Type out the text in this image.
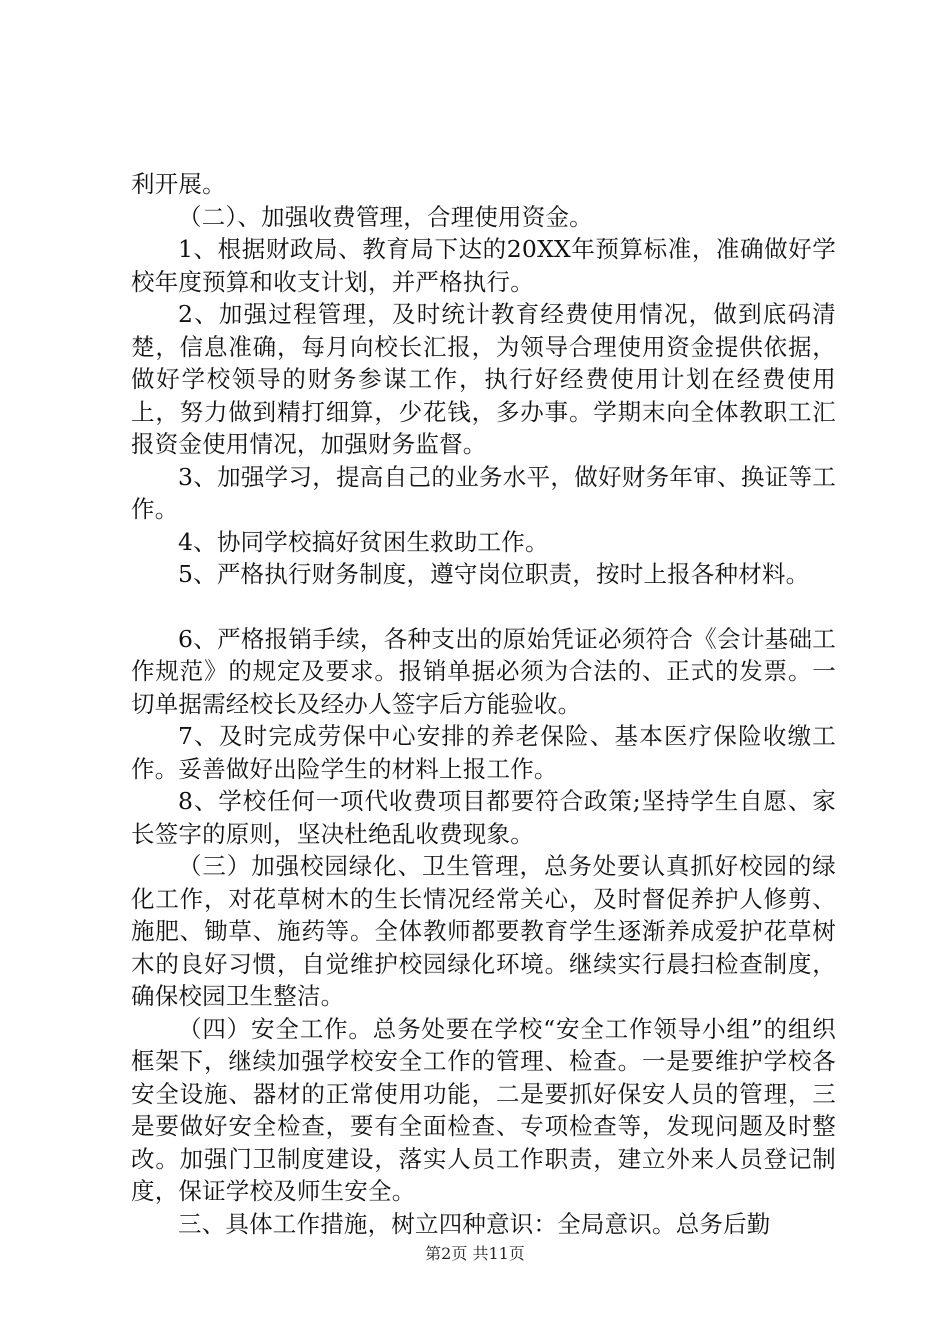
利开展。

（二）、加强收费管理，合理使用资金。

1、根据财政局、教育局下达的20XX年预算标准，准确做好学校年度预算和收支计划，并严格执行。

2、加强过程管理，及时统计教育经费使用情况，做到底码清楚，信息准确，每月向校长汇报，为领导合理使用资金提供依据，做好学校领导的财务参谋工作，执行好经费使用计划在经费使用上，努力做到精打细算，少花钱，多办事。学期末向全体教职工汇报资金使用情况，加强财务监督。

3、加强学习，提高自己的业务水平，做好财务年审、换证等工作。

4、协同学校搞好贫困生救助工作。

5、严格执行财务制度，遵守岗位职责，按时上报各种材料。

6、严格报销手续，各种支出的原始凭证必须符合《会计基础工作规范》的规定及要求。报销单据必须为合法的、正式的发票。一切单据需经校长及经办人签字后方能验收。

7、及时完成劳保中心安排的养老保险、基本医疗保险收缴工作。妥善做好出险学生的材料上报工作。

8、学校任何一项代收费项目都要符合政策;坚持学生自愿、家长签字的原则，坚决杜绝乱收费现象。

（三）加强校园绿化、卫生管理，总务处要认真抓好校园的绿化工作，对花草树木的生长情况经常关心，及时督促养护人修剪、施肥、锄草、施药等。全体教师都要教育学生逐渐养成爱护花草树木的良好习惯，自觉维护校园绿化环境。继续实行晨扫检查制度，确保校园卫生整洁。

（四）安全工作。总务处要在学校“安全工作领导小组”的组织框架下，继续加强学校安全工作的管理、检查。一是要维护学校各安全设施、器材的正常使用功能，二是要抓好保安人员的管理，三是要做好安全检查，要有全面检查、专项检查等，发现问题及时整改。加强门卫制度建设，落实人员工作职责，建立外来人员登记制度，保证学校及师生安全。

三、具体工作措施，树立四种意识：全局意识。总务后勤

第2页 共11页
